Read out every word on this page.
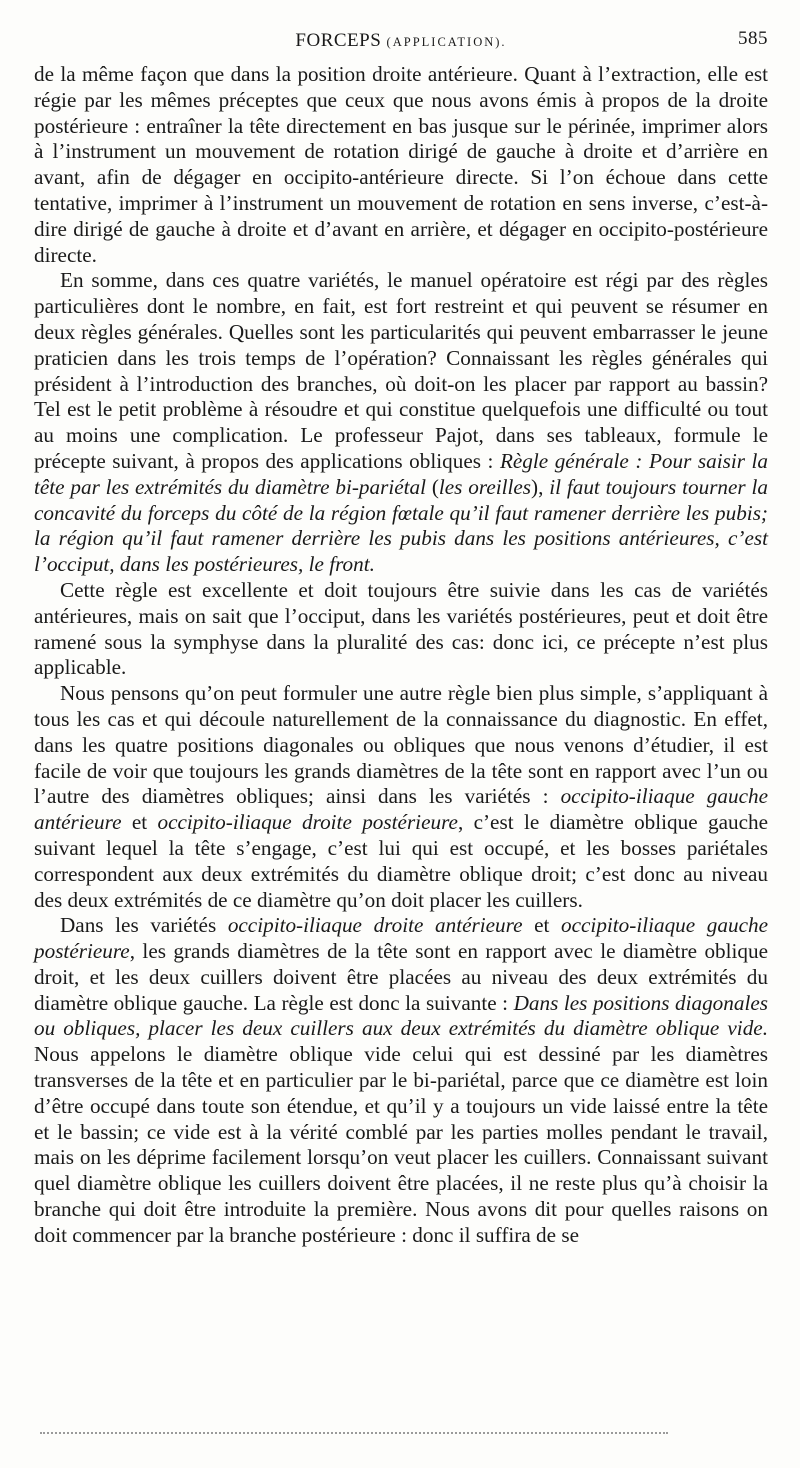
FORCEPS (APPLICATION).	585

de la même façon que dans la position droite antérieure. Quant à l’extraction, elle est régie par les mêmes préceptes que ceux que nous avons émis à propos de la droite postérieure : entraîner la tête directement en bas jusque sur le périnée, imprimer alors à l’instrument un mouvement de rotation dirigé de gauche à droite et d’arrière en avant, afin de dégager en occipito-antérieure directe. Si l’on échoue dans cette tentative, imprimer à l’instrument un mouvement de rotation en sens inverse, c’est-à-dire dirigé de gauche à droite et d’avant en arrière, et dégager en occipito-postérieure directe.

En somme, dans ces quatre variétés, le manuel opératoire est régi par des règles particulières dont le nombre, en fait, est fort restreint et qui peuvent se résumer en deux règles générales. Quelles sont les particularités qui peuvent embarrasser le jeune praticien dans les trois temps de l’opération? Connaissant les règles générales qui président à l’introduction des branches, où doit-on les placer par rapport au bassin? Tel est le petit problème à résoudre et qui constitue quelquefois une difficulté ou tout au moins une complication. Le professeur Pajot, dans ses tableaux, formule le précepte suivant, à propos des applications obliques : Règle générale : Pour saisir la tête par les extrémités du diamètre bi-pariétal (les oreilles), il faut toujours tourner la concavité du forceps du côté de la région fœtale qu’il faut ramener derrière les pubis; la région qu’il faut ramener derrière les pubis dans les positions antérieures, c’est l’occiput, dans les postérieures, le front.

Cette règle est excellente et doit toujours être suivie dans les cas de variétés antérieures, mais on sait que l’occiput, dans les variétés postérieures, peut et doit être ramené sous la symphyse dans la pluralité des cas: donc ici, ce précepte n’est plus applicable.

Nous pensons qu’on peut formuler une autre règle bien plus simple, s’appliquant à tous les cas et qui découle naturellement de la connaissance du diagnostic. En effet, dans les quatre positions diagonales ou obliques que nous venons d’étudier, il est facile de voir que toujours les grands diamètres de la tête sont en rapport avec l’un ou l’autre des diamètres obliques; ainsi dans les variétés : occipito-iliaque gauche antérieure et occipito-iliaque droite postérieure, c’est le diamètre oblique gauche suivant lequel la tête s’engage, c’est lui qui est occupé, et les bosses pariétales correspondent aux deux extrémités du diamètre oblique droit; c’est donc au niveau des deux extrémités de ce diamètre qu’on doit placer les cuillers.

Dans les variétés occipito-iliaque droite antérieure et occipito-iliaque gauche postérieure, les grands diamètres de la tête sont en rapport avec le diamètre oblique droit, et les deux cuillers doivent être placées au niveau des deux extrémités du diamètre oblique gauche. La règle est donc la suivante : Dans les positions diagonales ou obliques, placer les deux cuillers aux deux extrémités du diamètre oblique vide. Nous appelons le diamètre oblique vide celui qui est dessiné par les diamètres transverses de la tête et en particulier par le bi-pariétal, parce que ce diamètre est loin d’être occupé dans toute son étendue, et qu’il y a toujours un vide laissé entre la tête et le bassin; ce vide est à la vérité comblé par les parties molles pendant le travail, mais on les déprime facilement lorsqu’on veut placer les cuillers. Connaissant suivant quel diamètre oblique les cuillers doivent être placées, il ne reste plus qu’à choisir la branche qui doit être introduite la première. Nous avons dit pour quelles raisons on doit commencer par la branche postérieure : donc il suffira de se
